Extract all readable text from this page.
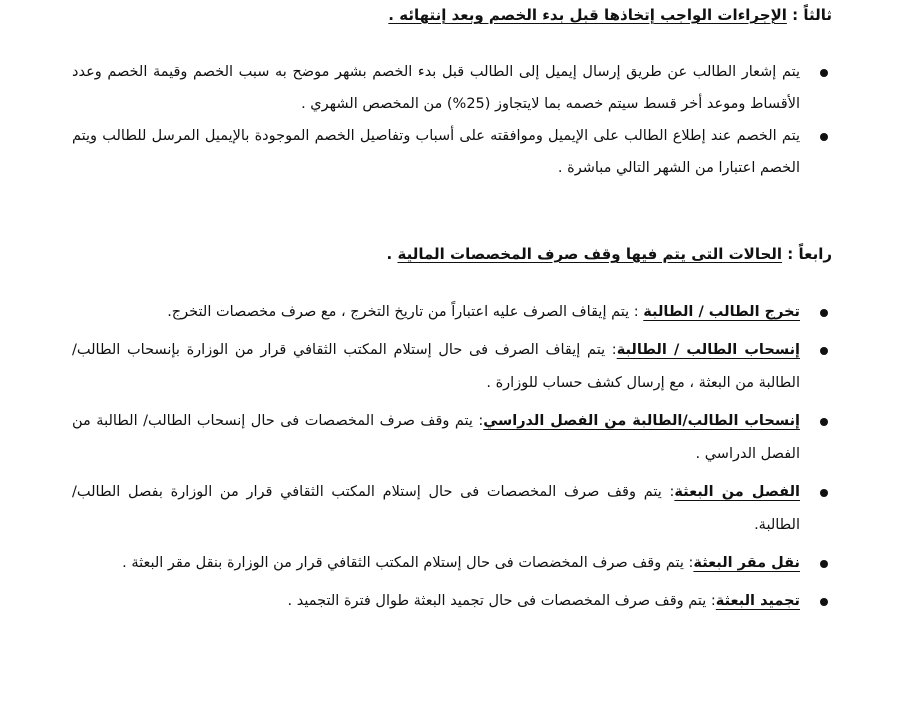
ثالثاً : الإجراءات الواجب إتخاذها قبل بدء الخصم وبعد إنتهائه .

يتم إشعار الطالب عن طريق إرسال إيميل إلى الطالب قبل بدء الخصم بشهر موضح به سبب الخصم وقيمة الخصم وعدد الأقساط وموعد أخر قسط سيتم خصمه بما لايتجاوز (25%) من المخصص الشهري .
يتم الخصم عند إطلاع الطالب على الإيميل وموافقته على أسباب وتفاصيل الخصم الموجودة بالإيميل المرسل للطالب ويتم الخصم اعتبارا من الشهر التالي مباشرة .

رابعاً : الحالات التى يتم فيها وقف صرف المخصصات المالية .

تخرج الطالب / الطالبة : يتم إيقاف الصرف عليه اعتباراً من تاريخ التخرج ، مع صرف مخصصات التخرج.
إنسحاب الطالب / الطالبة: يتم إيقاف الصرف فى حال إستلام المكتب الثقافي قرار من الوزارة بإنسحاب الطالب/الطالبة من البعثة ، مع إرسال كشف حساب للوزارة .
إنسحاب الطالب/الطالبة من الفصل الدراسي: يتم وقف صرف المخصصات فى حال إنسحاب الطالب/ الطالبة من الفصل الدراسي .
الفصل من البعثة: يتم وقف صرف المخصصات فى حال إستلام المكتب الثقافي قرار من الوزارة بفصل الطالب/ الطالبة.
نقل مقر البعثة: يتم وقف صرف المخضصات فى حال إستلام المكتب الثقافي قرار من الوزارة بنقل مقر البعثة .
تجميد البعثة: يتم وقف صرف المخصصات فى حال تجميد البعثة طوال فترة التجميد .
